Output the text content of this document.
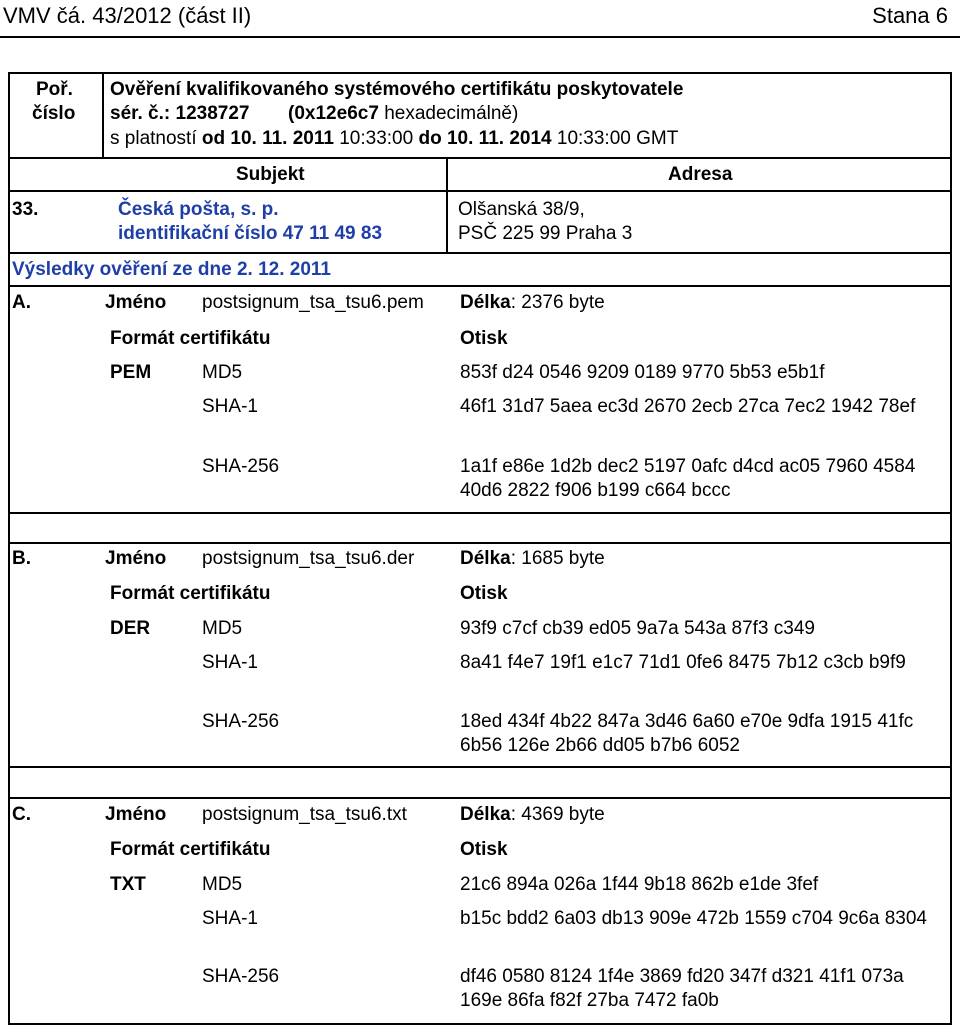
VMV čá. 43/2012 (část II)	Stana 6
Poř.
číslo
Ověření kvalifikovaného systémového certifikátu poskytovatele
sér. č.: 1238727 (0x12e6c7 hexadecimálně)
s platností od 10. 11. 2011 10:33:00 do 10. 11. 2014 10:33:00 GMT
Subjekt	Adresa
33.	Česká pošta, s. p.
identifikační číslo 47 11 49 83
Olšanská 38/9,
PSČ 225 99 Praha 3
Výsledky ověření ze dne 2. 12. 2011
A.	Jméno postsignum_tsa_tsu6.pem Délka: 2376 byte
Formát certifikátu	Otisk
PEM	MD5	853f d24 0546 9209 0189 9770 5b53 e5b1f
SHA-1	46f1 31d7 5aea ec3d 2670 2ecb 27ca 7ec2 1942 78ef
SHA-256	1a1f e86e 1d2b dec2 5197 0afc d4cd ac05 7960 4584 40d6 2822 f906 b199 c664 bccc
B.	Jméno postsignum_tsa_tsu6.der Délka: 1685 byte
Formát certifikátu	Otisk
DER	MD5	93f9 c7cf cb39 ed05 9a7a 543a 87f3 c349
SHA-1	8a41 f4e7 19f1 e1c7 71d1 0fe6 8475 7b12 c3cb b9f9
SHA-256	18ed 434f 4b22 847a 3d46 6a60 e70e 9dfa 1915 41fc 6b56 126e 2b66 dd05 b7b6 6052
C.	Jméno postsignum_tsa_tsu6.txt	Délka: 4369 byte
Formát certifikátu	Otisk
TXT	MD5	21c6 894a 026a 1f44 9b18 862b e1de 3fef
SHA-1	b15c bdd2 6a03 db13 909e 472b 1559 c704 9c6a 8304
SHA-256	df46 0580 8124 1f4e 3869 fd20 347f d321 41f1 073a 169e 86fa f82f 27ba 7472 fa0b
